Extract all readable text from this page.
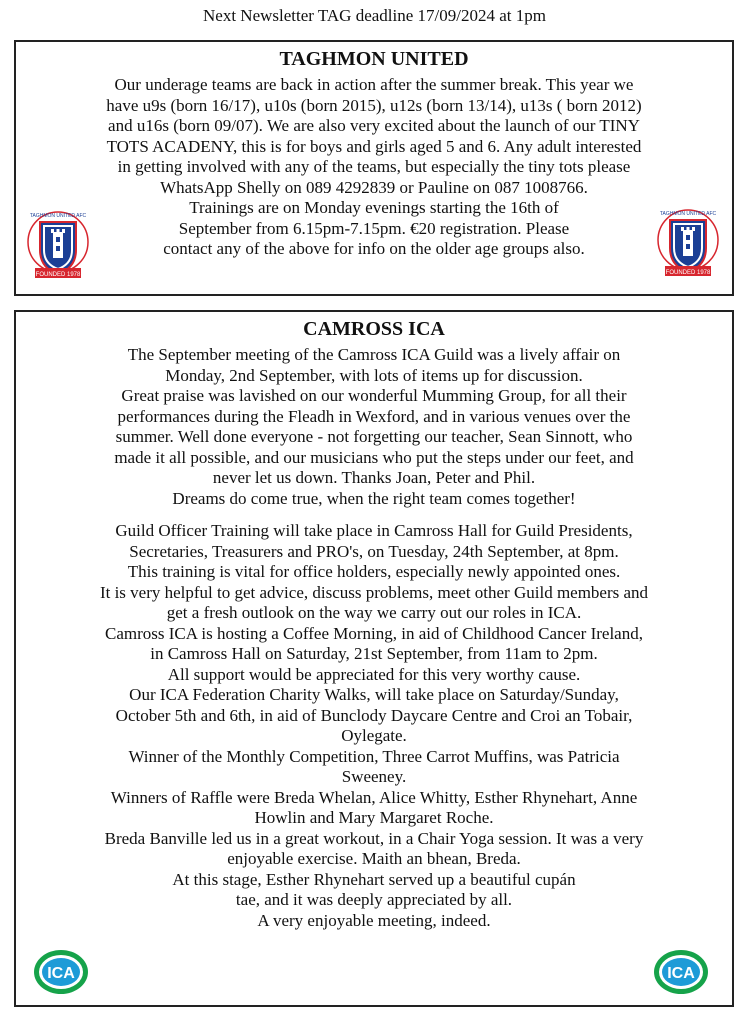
Next Newsletter TAG deadline 17/09/2024 at 1pm
TAGHMON UNITED
Our underage teams are back in action after the summer break. This year we
have u9s (born 16/17), u10s (born 2015), u12s (born 13/14), u13s ( born 2012)
and u16s (born 09/07). We are also very excited about the launch of our TINY
TOTS ACADENY, this is for boys and girls aged 5 and 6. Any adult interested
in getting involved with any of the teams, but especially the tiny tots please
WhatsApp Shelly on 089 4292839 or Pauline on 087 1008766.
Trainings are on Monday evenings starting the 16th of
September from 6.15pm-7.15pm. €20 registration. Please
contact any of the above for info on the older age groups also.
FOUNDED 1978
TAGHMON UNITED AFC
FOUNDED 1978
TAGHMON UNITED AFC
CAMROSS ICA
The September meeting of the Camross ICA Guild was a lively affair on
Monday, 2nd September, with lots of items up for discussion.
Great praise was lavished on our wonderful Mumming Group, for all their
performances during the Fleadh in Wexford, and in various venues over the
summer. Well done everyone - not forgetting our teacher, Sean Sinnott, who
made it all possible, and our musicians who put the steps under our feet, and
never let us down. Thanks Joan, Peter and Phil.
Dreams do come true, when the right team comes together!
Guild Officer Training will take place in Camross Hall for Guild Presidents,
Secretaries, Treasurers and PRO's, on Tuesday, 24th September, at 8pm.
This training is vital for office holders, especially newly appointed ones.
It is very helpful to get advice, discuss problems, meet other Guild members and
get a fresh outlook on the way we carry out our roles in ICA.
Camross ICA is hosting a Coffee Morning, in aid of Childhood Cancer Ireland,
in Camross Hall on Saturday, 21st September, from 11am to 2pm.
All support would be appreciated for this very worthy cause.
Our ICA Federation Charity Walks, will take place on Saturday/Sunday,
October 5th and 6th, in aid of Bunclody Daycare Centre and Croi an Tobair,
Oylegate.
Winner of the Monthly Competition, Three Carrot Muffins, was Patricia
Sweeney.
Winners of Raffle were Breda Whelan, Alice Whitty, Esther Rhynehart, Anne
Howlin and Mary Margaret Roche.
Breda Banville led us in a great workout, in a Chair Yoga session. It was a very
enjoyable exercise. Maith an bhean, Breda.
At this stage, Esther Rhynehart served up a beautiful cupán
tae, and it was deeply appreciated by all.
A very enjoyable meeting, indeed.
ICA	ICA
